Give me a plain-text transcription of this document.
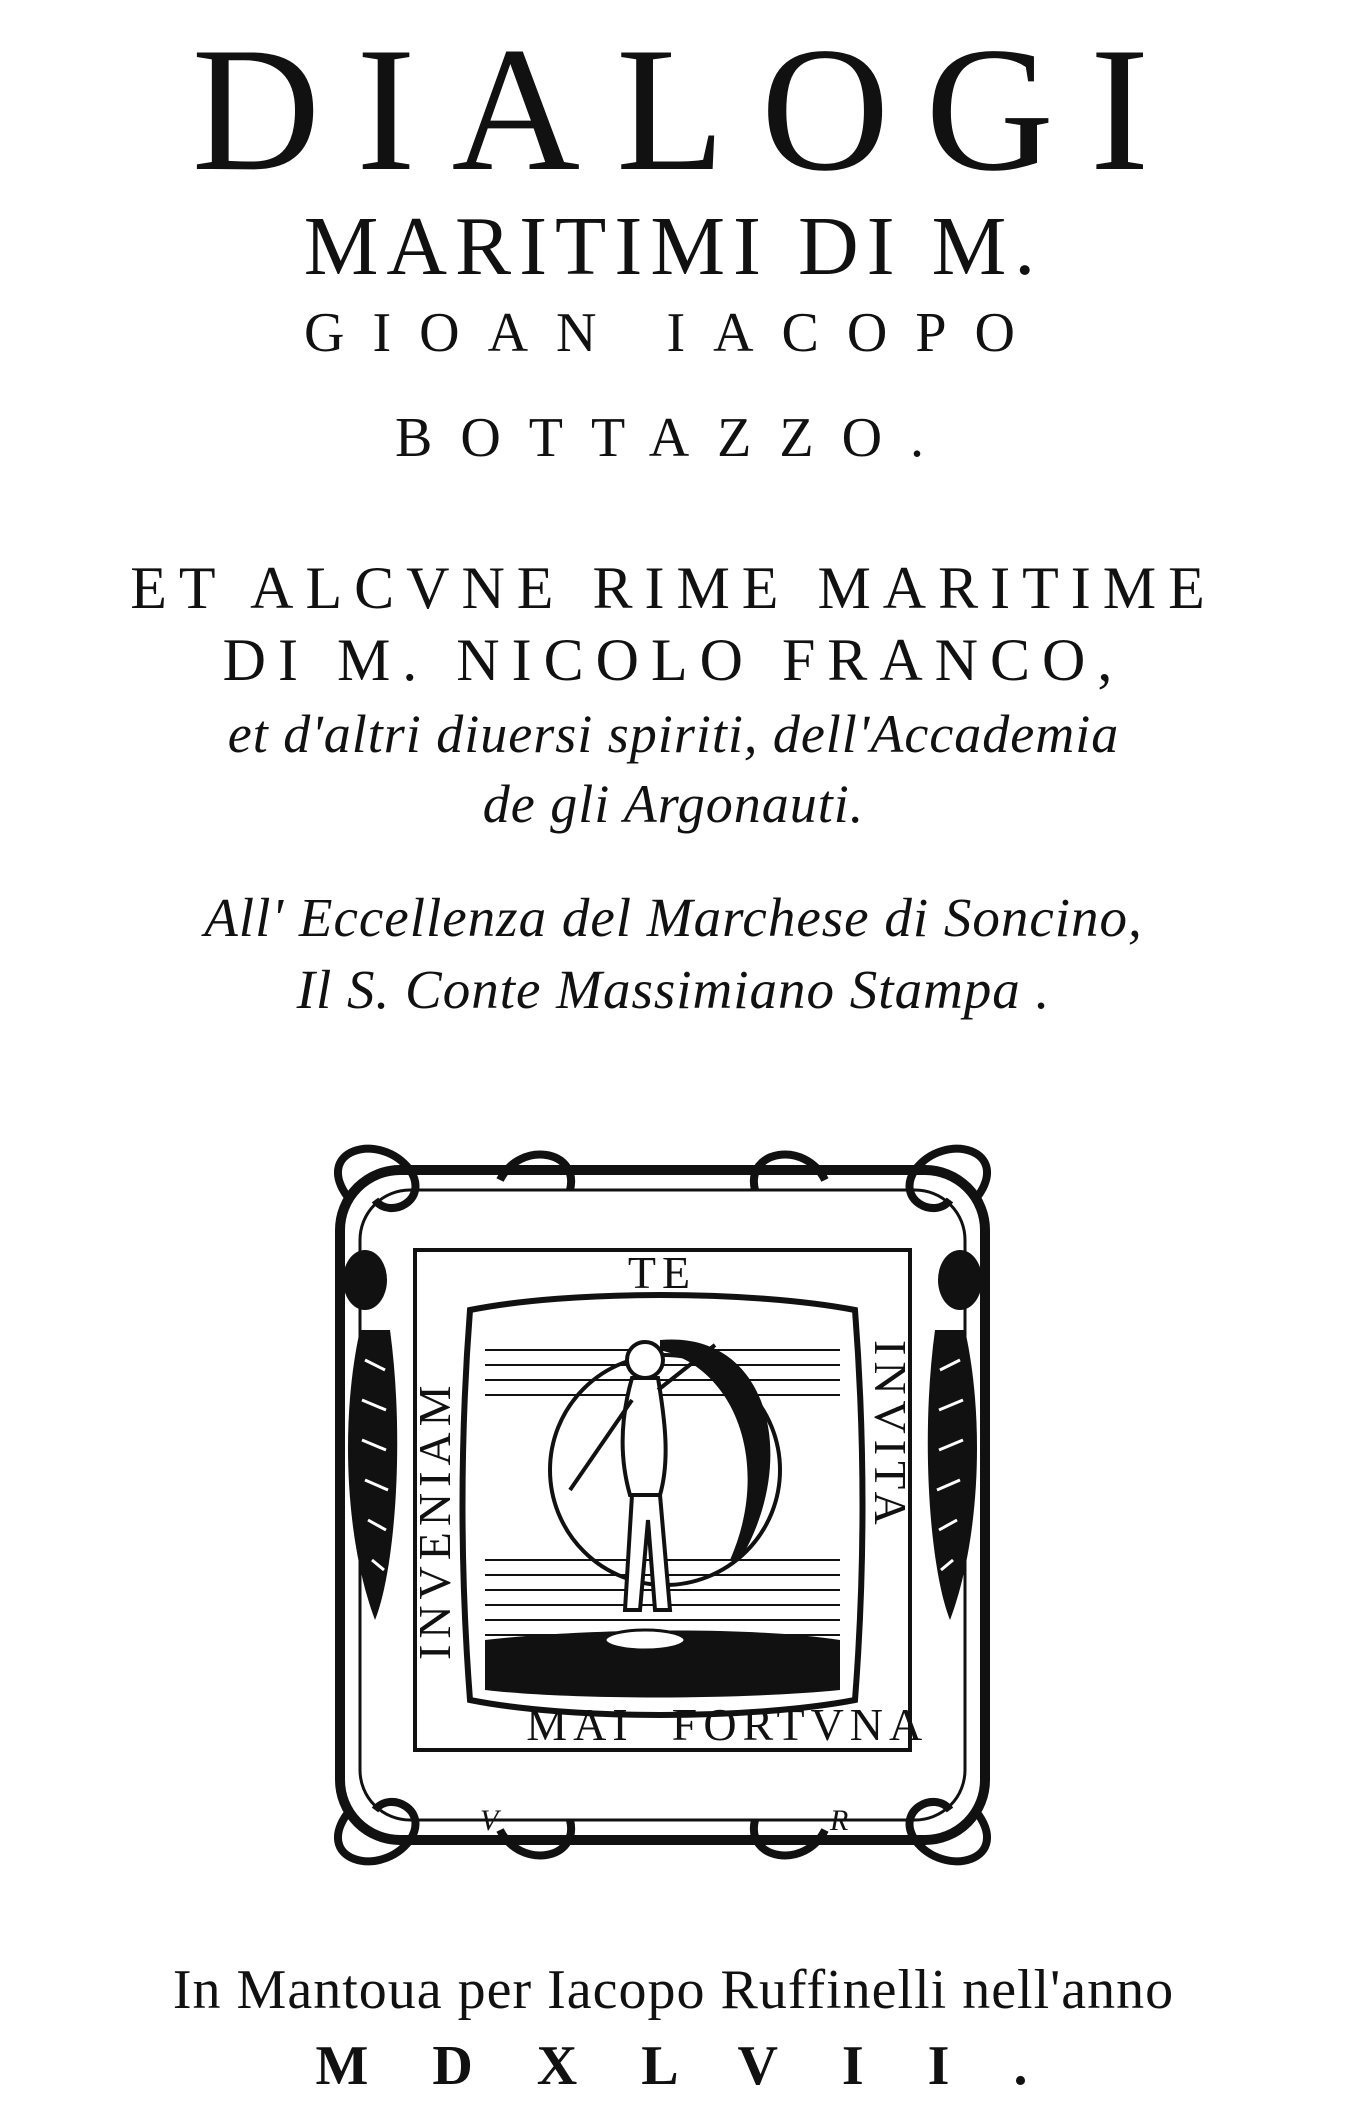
DIALOGI
MARITIMI DI M.
GIOAN IACOPO
BOTTAZZO.
ET ALCVNE RIME MARITIME
DI M. NICOLO FRANCO,
et d'altri diuersi spiriti, dell'Accademia
de gli Argonauti.
All' Eccellenza del Marchese di Soncino,
Il S. Conte Massimiano Stampa .
TE
INVENIAM	INVITA
FORTVNA
MAI
V	R
In Mantoua per Iacopo Ruffinelli nell'anno
MDXLVII.
